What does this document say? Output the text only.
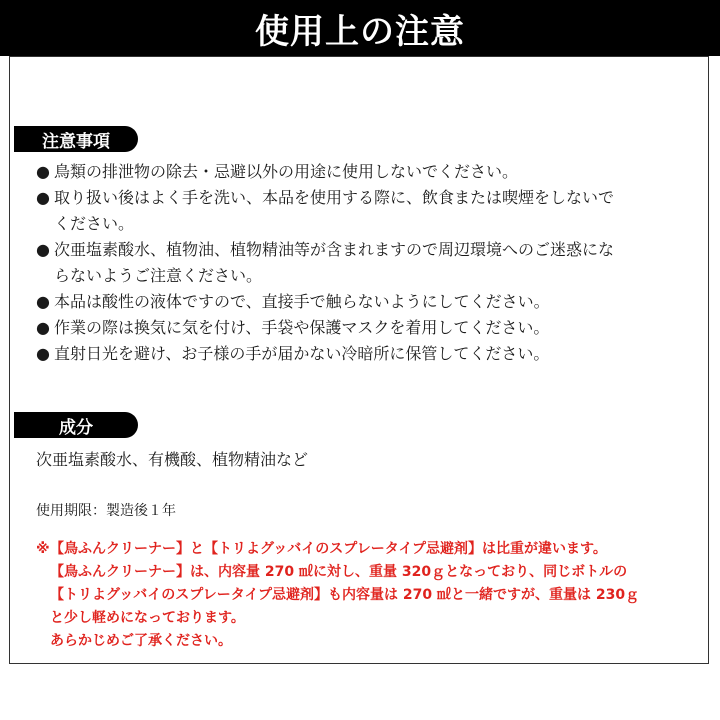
使用上の注意
注意事項
● 鳥類の排泄物の除去・忌避以外の用途に使用しないでください。
● 取り扱い後はよく手を洗い、本品を使用する際に、飲食または喫煙をしないで
ください。
● 次亜塩素酸水、植物油、植物精油等が含まれますので周辺環境へのご迷惑にな
らないようご注意ください。
● 本品は酸性の液体ですので、直接手で触らないようにしてください。
● 作業の際は換気に気を付け、手袋や保護マスクを着用してください。
● 直射日光を避け、お子様の手が届かない冷暗所に保管してください。
成分
次亜塩素酸水、有機酸、植物精油など
使用期限：製造後１年
※ 【鳥ふんクリーナー】と【トリよグッバイのスプレータイプ忌避剤】は比重が違います。
【鳥ふんクリーナー】は、内容量 270 ㎖に対し、重量 320ｇとなっており、同じボトルの
【トリよグッバイのスプレータイプ忌避剤】も内容量は 270 ㎖と一緒ですが、重量は 230ｇ
と少し軽めになっております。
あらかじめご了承ください。
